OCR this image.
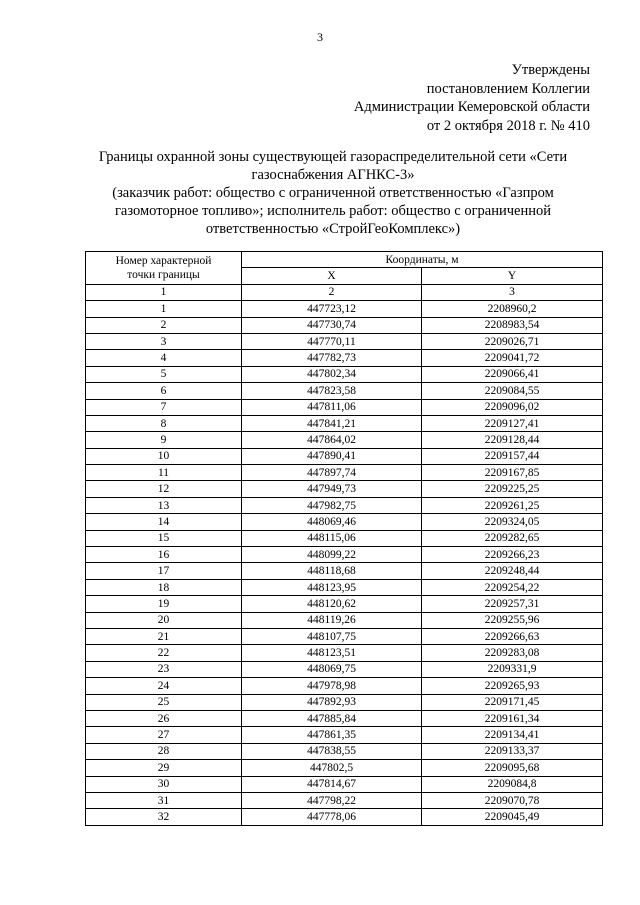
3
Утверждены
постановлением Коллегии
Администрации Кемеровской области
от 2 октября 2018 г. № 410
Границы охранной зоны существующей газораспределительной сети «Сети
газоснабжения АГНКС-3»
(заказчик работ: общество с ограниченной ответственностью «Газпром
газомоторное топливо»; исполнитель работ: общество с ограниченной
ответственностью «СтройГеоКомплекс»)
Номер характерной
точки границы	Координаты, м	
	X	Y
1	2	3
1	447723,12	2208960,2
2	447730,74	2208983,54
3	447770,11	2209026,71
4	447782,73	2209041,72
5	447802,34	2209066,41
6	447823,58	2209084,55
7	447811,06	2209096,02
8	447841,21	2209127,41
9	447864,02	2209128,44
10	447890,41	2209157,44
11	447897,74	2209167,85
12	447949,73	2209225,25
13	447982,75	2209261,25
14	448069,46	2209324,05
15	448115,06	2209282,65
16	448099,22	2209266,23
17	448118,68	2209248,44
18	448123,95	2209254,22
19	448120,62	2209257,31
20	448119,26	2209255,96
21	448107,75	2209266,63
22	448123,51	2209283,08
23	448069,75	2209331,9
24	447978,98	2209265,93
25	447892,93	2209171,45
26	447885,84	2209161,34
27	447861,35	2209134,41
28	447838,55	2209133,37
29	447802,5	2209095,68
30	447814,67	2209084,8
31	447798,22	2209070,78
32	447778,06	2209045,49
